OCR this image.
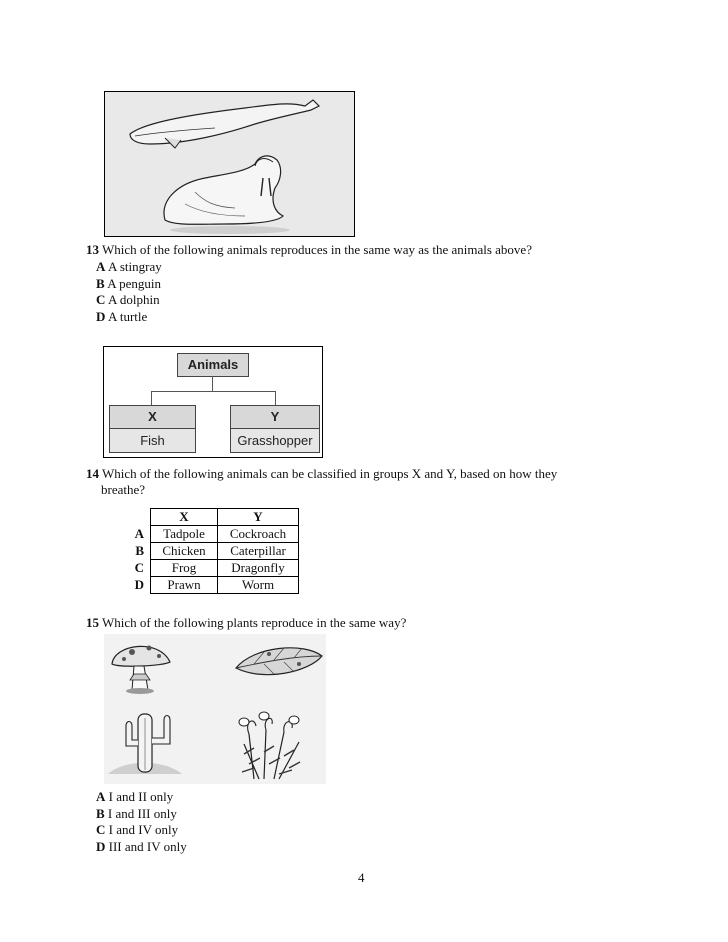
13 Which of the following animals reproduces in the same way as the animals above?
A A stingray
B A penguin
C A dolphin
D A turtle
Animals
X
Fish
Y
Grasshopper
14 Which of the following animals can be classified in groups X and Y, based on how they
breathe?
	X	Y
A	Tadpole	Cockroach
B	Chicken	Caterpillar
C	Frog	Dragonfly
D	Prawn	Worm
15 Which of the following plants reproduce in the same way?
A I and II only
B I and III only
C I and IV only
D III and IV only
4
